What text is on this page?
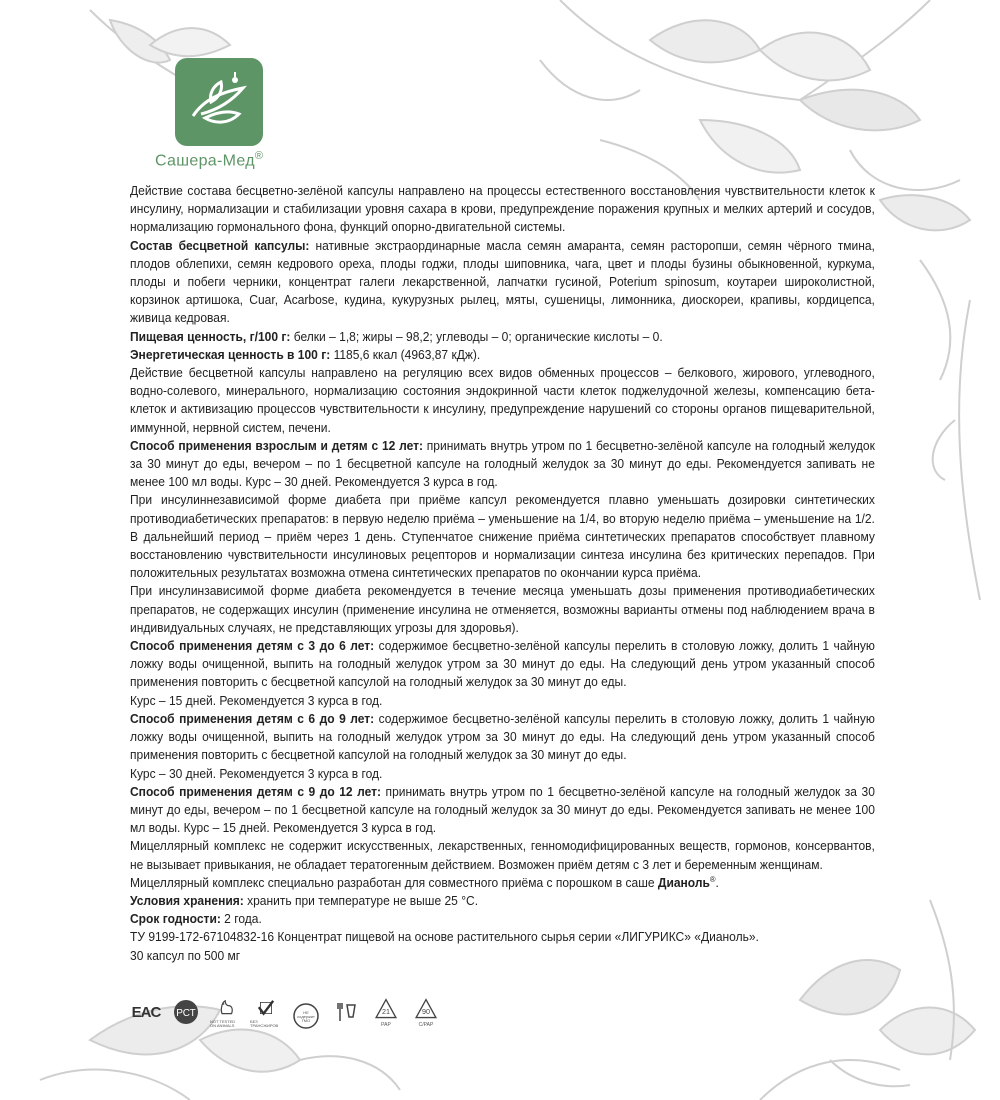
Сашера-Мед®

Действие состава бесцветно-зелёной капсулы направлено на процессы естественного восстановления чувствительности клеток к инсулину, нормализации и стабилизации уровня сахара в крови, предупреждение поражения крупных и мелких артерий и сосудов, нормализацию гормонального фона, функций опорно-двигательной системы.

Состав бесцветной капсулы: нативные экстраординарные масла семян амаранта, семян расторопши, семян чёрного тмина, плодов облепихи, семян кедрового ореха, плоды годжи, плоды шиповника, чага, цвет и плоды бузины обыкновенной, куркума, плоды и побеги черники, концентрат галеги лекарственной, лапчатки гусиной, Poterium spinosum, коутареи широколистной, корзинок артишока, Cuar, Acarbose, кудина, кукурузных рылец, мяты, сушеницы, лимонника, диоскореи, крапивы, кордицепса, живица кедровая.

Пищевая ценность, г/100 г: белки – 1,8; жиры – 98,2; углеводы – 0; органические кислоты – 0.

Энергетическая ценность в 100 г: 1185,6 ккал (4963,87 кДж).

Действие бесцветной капсулы направлено на регуляцию всех видов обменных процессов – белкового, жирового, углеводного, водно-солевого, минерального, нормализацию состояния эндокринной части клеток поджелудочной железы, компенсацию бета-клеток и активизацию процессов чувствительности к инсулину, предупреждение нарушений со стороны органов пищеварительной, иммунной, нервной систем, печени.

Способ применения взрослым и детям с 12 лет: принимать внутрь утром по 1 бесцветно-зелёной капсуле на голодный желудок за 30 минут до еды, вечером – по 1 бесцветной капсуле на голодный желудок за 30 минут до еды. Рекомендуется запивать не менее 100 мл воды. Курс – 30 дней. Рекомендуется 3 курса в год.

При инсулиннезависимой форме диабета при приёме капсул рекомендуется плавно уменьшать дозировки синтетических противодиабетических препаратов: в первую неделю приёма – уменьшение на 1/4, во вторую неделю приёма – уменьшение на 1/2. В дальнейший период – приём через 1 день. Ступенчатое снижение приёма синтетических препаратов способствует плавному восстановлению чувствительности инсулиновых рецепторов и нормализации синтеза инсулина без критических перепадов. При положительных результатах возможна отмена синтетических препаратов по окончании курса приёма.

При инсулинзависимой форме диабета рекомендуется в течение месяца уменьшать дозы применения противодиабетических препаратов, не содержащих инсулин (применение инсулина не отменяется, возможны варианты отмены под наблюдением врача в индивидуальных случаях, не представляющих угрозы для здоровья).

Способ применения детям с 3 до 6 лет: содержимое бесцветно-зелёной капсулы перелить в столовую ложку, долить 1 чайную ложку воды очищенной, выпить на голодный желудок утром за 30 минут до еды. На следующий день утром указанный способ применения повторить с бесцветной капсулой на голодный желудок за 30 минут до еды.

Курс – 15 дней. Рекомендуется 3 курса в год.

Способ применения детям с 6 до 9 лет: содержимое бесцветно-зелёной капсулы перелить в столовую ложку, долить 1 чайную ложку воды очищенной, выпить на голодный желудок утром за 30 минут до еды. На следующий день утром указанный способ применения повторить с бесцветной капсулой на голодный желудок за 30 минут до еды.

Курс – 30 дней. Рекомендуется 3 курса в год.

Способ применения детям с 9 до 12 лет: принимать внутрь утром по 1 бесцветно-зелёной капсуле на голодный желудок за 30 минут до еды, вечером – по 1 бесцветной капсуле на голодный желудок за 30 минут до еды. Рекомендуется запивать не менее 100 мл воды. Курс – 15 дней. Рекомендуется 3 курса в год.

Мицеллярный комплекс не содержит искусственных, лекарственных, генномодифицированных веществ, гормонов, консервантов, не вызывает привыкания, не обладает тератогенным действием. Возможен приём детям с 3 лет и беременным женщинам.

Мицеллярный комплекс специально разработан для совместного приёма с порошком в саше Дианоль®.

Условия хранения: хранить при температуре не выше 25 °С.

Срок годности: 2 года.

ТУ 9199-172-67104832-16 Концентрат пищевой на основе растительного сырья серии «ЛИГУРИКС» «Дианоль».

30 капсул по 500 мг

EAC РСТ
NOT TESTED ON ANIMALS
БЕЗ ТРАНСЖИРОВ
НЕ содержит ГМО
21
PAP
90
C/PAP
